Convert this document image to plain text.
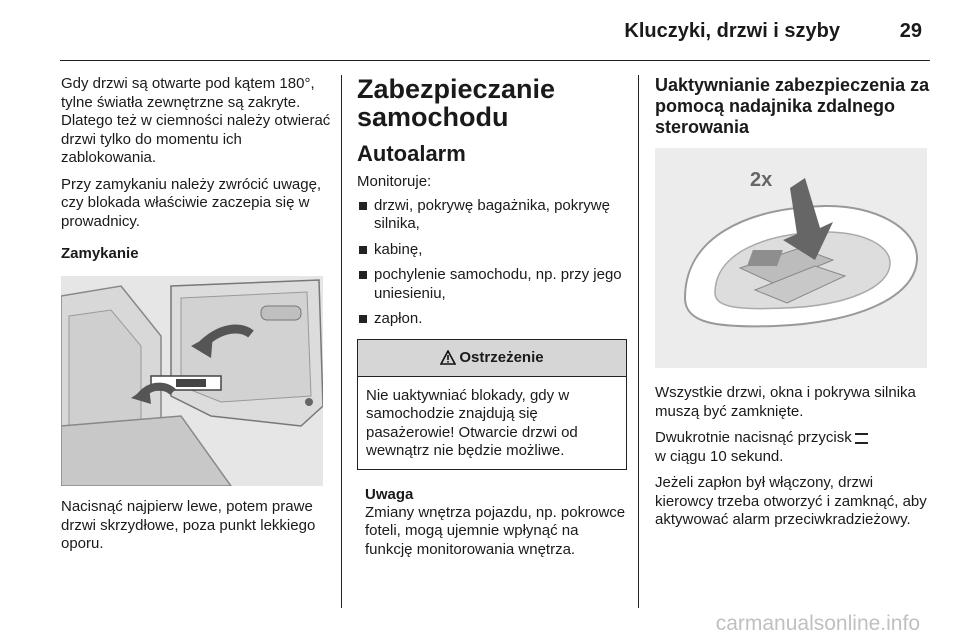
Kluczyki, drzwi i szyby	29

Gdy drzwi są otwarte pod kątem 180°, tylne światła zewnętrzne są zakryte. Dlatego też w ciemności należy otwierać drzwi tylko do momentu ich zablokowania.

Przy zamykaniu należy zwrócić uwagę, czy blokada właściwie zaczepia się w prowadnicy.

Zamykanie

Nacisnąć najpierw lewe, potem prawe drzwi skrzydłowe, poza punkt lekkiego oporu.

Zabezpieczanie samochodu
Autoalarm

Monitoruje:

drzwi, pokrywę bagażnika, pokrywę silnika,
kabinę,
pochylenie samochodu, np. przy jego uniesieniu,
zapłon.
Ostrzeżenie
Nie uaktywniać blokady, gdy w samochodzie znajdują się pasażerowie! Otwarcie drzwi od wewnątrz nie będzie możliwe.
Uwaga
Zmiany wnętrza pojazdu, np. pokrowce foteli, mogą ujemnie wpłynąć na funkcję monitorowania wnętrza.
Uaktywnianie zabezpieczenia za pomocą nadajnika zdalnego sterowania
2x

Wszystkie drzwi, okna i pokrywa silnika muszą być zamknięte.

Dwukrotnie nacisnąć przycisk
w ciągu 10 sekund.

Jeżeli zapłon był włączony, drzwi kierowcy trzeba otworzyć i zamknąć, aby aktywować alarm przeciwkradzieżowy.

carmanualsonline.info
